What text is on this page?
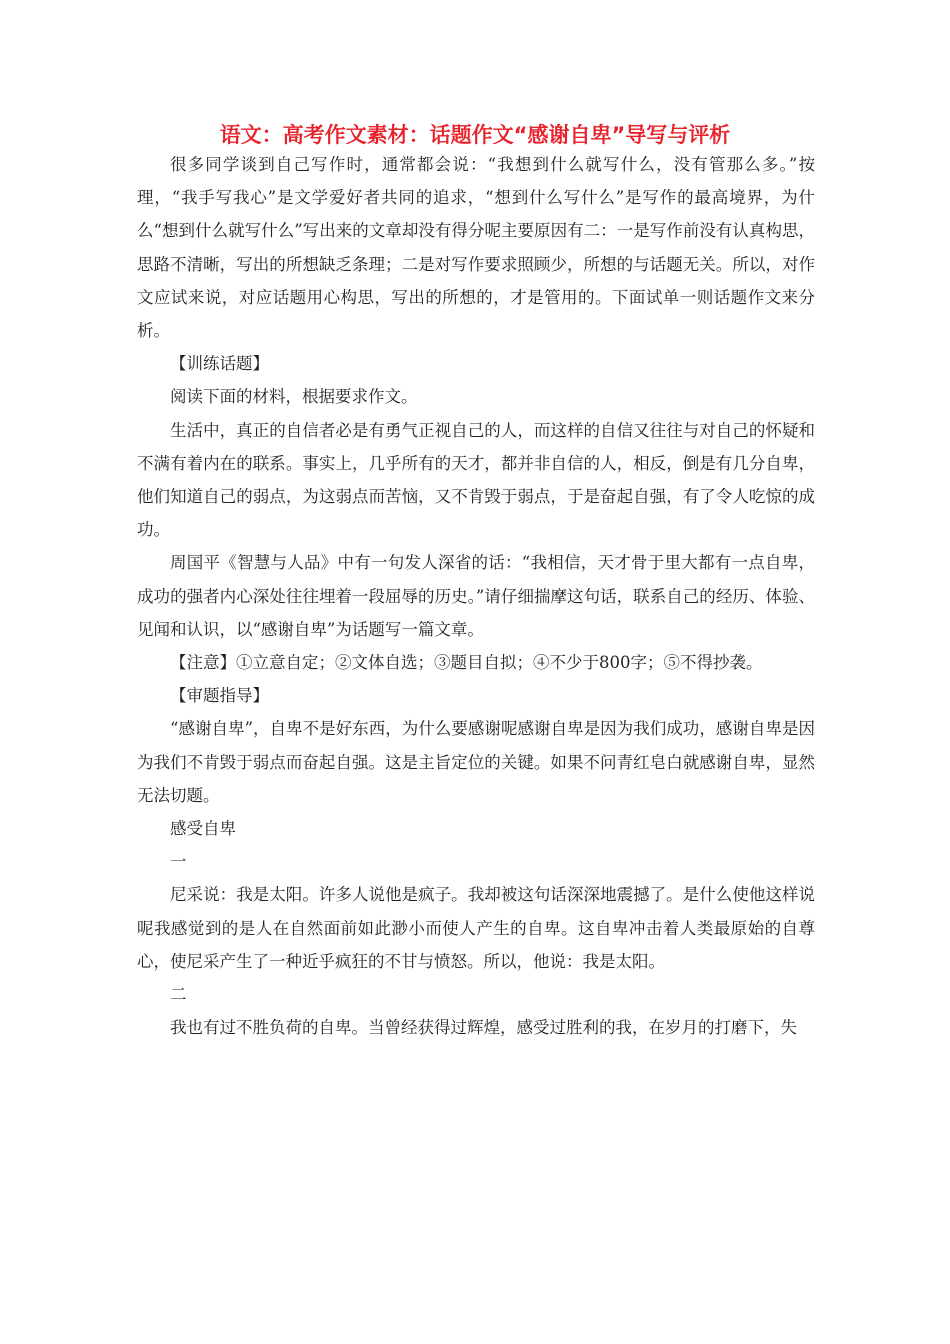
语文：高考作文素材：话题作文“感谢自卑”导写与评析

很多同学谈到自己写作时，通常都会说：“我想到什么就写什么，没有管那么多。”按理，“我手写我心”是文学爱好者共同的追求，“想到什么写什么”是写作的最高境界，为什么“想到什么就写什么”写出来的文章却没有得分呢主要原因有二：一是写作前没有认真构思，思路不清晰，写出的所想缺乏条理；二是对写作要求照顾少，所想的与话题无关。所以，对作文应试来说，对应话题用心构思，写出的所想的，才是管用的。下面试单一则话题作文来分析。

【训练话题】

阅读下面的材料，根据要求作文。

生活中，真正的自信者必是有勇气正视自己的人，而这样的自信又往往与对自己的怀疑和不满有着内在的联系。事实上，几乎所有的天才，都并非自信的人，相反，倒是有几分自卑，他们知道自己的弱点，为这弱点而苦恼，又不肯毁于弱点，于是奋起自强，有了令人吃惊的成功。

周国平《智慧与人品》中有一句发人深省的话：“我相信，天才骨于里大都有一点自卑，成功的强者内心深处往往埋着一段屈辱的历史。”请仔细揣摩这句话，联系自己的经历、体验、见闻和认识，以“感谢自卑”为话题写一篇文章。

【注意】①立意自定；②文体自选；③题目自拟；④不少于800字；⑤不得抄袭。

【审题指导】

“感谢自卑”，自卑不是好东西，为什么要感谢呢感谢自卑是因为我们成功，感谢自卑是因为我们不肯毁于弱点而奋起自强。这是主旨定位的关键。如果不问青红皂白就感谢自卑，显然无法切题。

感受自卑

一

尼采说：我是太阳。许多人说他是疯子。我却被这句话深深地震撼了。是什么使他这样说呢我感觉到的是人在自然面前如此渺小而使人产生的自卑。这自卑冲击着人类最原始的自尊心，使尼采产生了一种近乎疯狂的不甘与愤怒。所以，他说：我是太阳。

二

我也有过不胜负荷的自卑。当曾经获得过辉煌，感受过胜利的我，在岁月的打磨下，失
